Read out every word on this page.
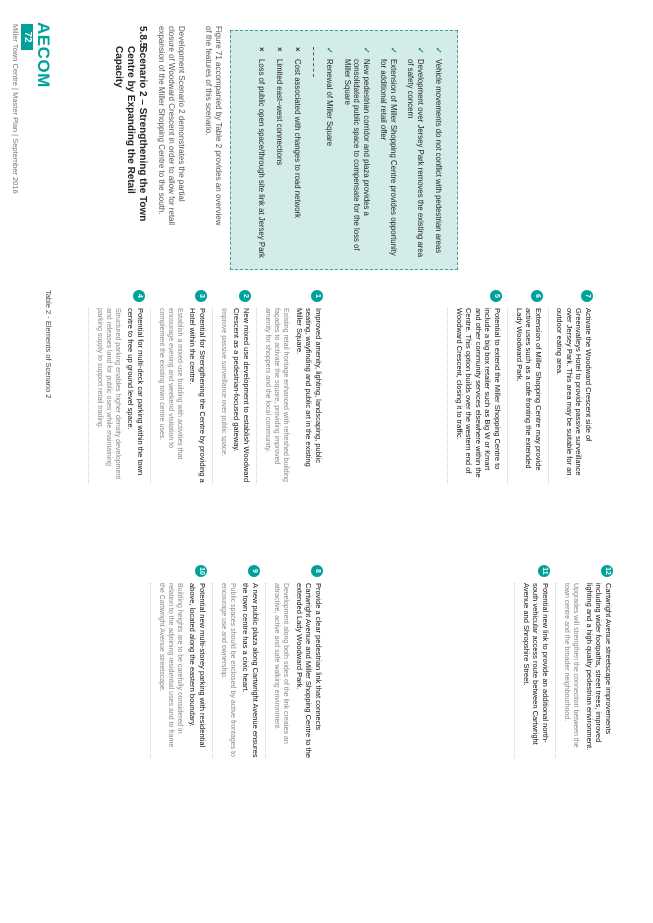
AECOM
72
Miller Town Centre | Master Plan | September 2016	5.8.5
Scenario 2 – Strengthening the Town Centre by Expanding the Retail Capacity	Development Scenario 2 demonstrates the partial closure of Woodward Crescent in order to allow for retail expansion of the Miller Shopping Centre to the south.	Figure 71 accompanied by Table 2 provides an overview of the features of this scenario.	✓
Vehicle movements do not conflict with pedestrian areas
✓
Development over Jersey Park removes the existing area of safety concern
✓
Extension of Miller Shopping Centre provides opportunity for additional retail offer
✓
New pedestrian corridor and plaza provides a consolidated public space to compensate for the loss of Miller Square
✓
Renewal of Miller Square
×
Cost associated with changes to road network
×
Limited east–west connections
×
Loss of public open space/through site link at Jersey Park
Table 2 - Elements of Scenario 2	1
Improved amenity, lighting, landscaping, public seating, wayfinding and public art in the existing Miller Square.
Existing retail frontage enhanced with refreshed building façades to activate the square, providing improved amenity for shoppers and the local community.
2
New mixed use development to establish Woodward Crescent as a pedestrian-focused gateway.
Improve passive surveillance over public space.
3
Potential for Strengthening the Centre by providing a Hotel within the centre.
Establish a mixed-use building with activities that encourage evening and weekend visitation to complement the existing town centre uses.
4
Potential for multi-deck car parking within the town centre to free up ground level space.
Structured parking enables higher density development and releases land for public uses while maintaining parking supply to support retail trading.
7
Activate the Woodward Crescent side of Greenvalleys Hotel to provide passive surveillance over Jersey Park. This area may be suitable for an outdoor eating area.
6
Extension of Miller Shopping Centre may provide active uses such as a cafe fronting the extended Lady Woodward Park.
5
Potential to extend the Miller Shopping Centre to include a big box retailer such as Big W or Kmart and other community services elsewhere within the Centre. This option builds over the western end of Woodward Crescent, closing it to traffic.
8
Provide a clear pedestrian link that connects Cartwright Avenue and Miller Shopping Centre to the extended Lady Woodward Park.
Development along both sides of the link creates an attractive, active and safe walking environment.
9
A new public plaza along Cartwright Avenue ensures the town centre has a civic heart.
Public spaces should be enclosed by active frontages to encourage use and ownership.
10
Potential new multi-storey parking with residential above, located along the eastern boundary.
Building heights are to be carefully considered in relation to the adjoining residential uses and to frame the Cartwright Avenue streetscape.
12
Cartwright Avenue streetscape improvements including wider footpaths, street trees, improved lighting and a high quality pedestrian environment.
Upgrades will strengthen the connection between the town centre and the broader neighbourhood.
11
Potential new link to provide an additional north-south vehicular access route between Cartwright Avenue and Shropshire Street.
